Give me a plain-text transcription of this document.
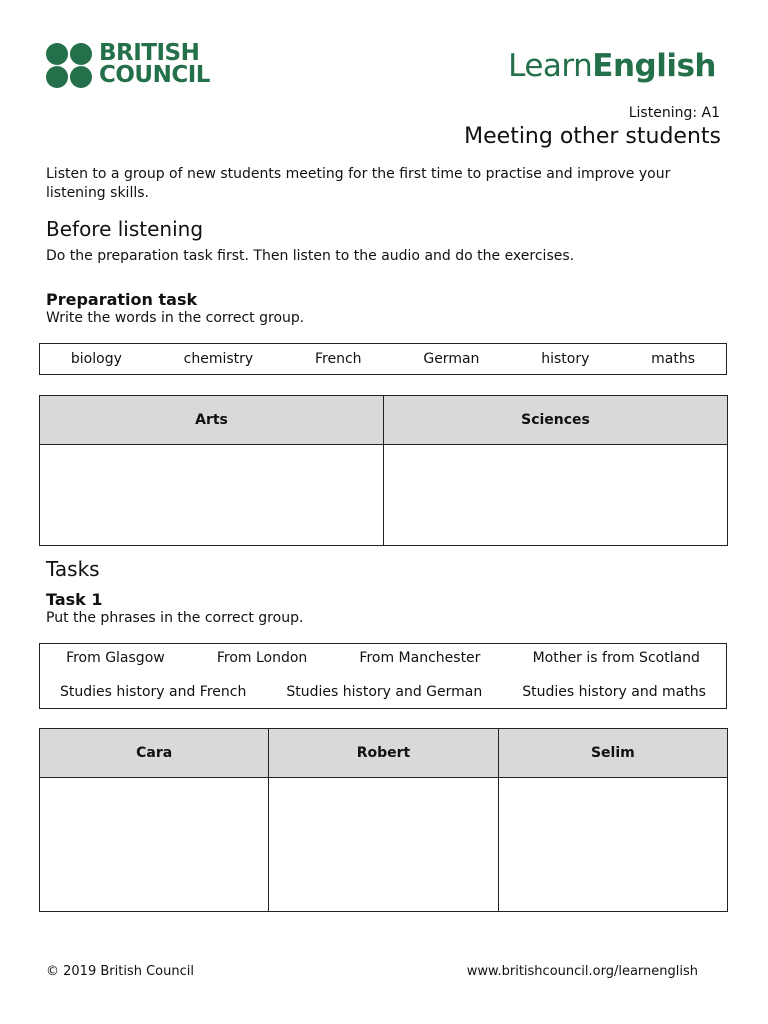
BRITISH
COUNCIL	LearnEnglish
Listening: A1
Meeting other students
Listen to a group of new students meeting for the first time to practise and improve your listening skills.
Before listening
Do the preparation task first. Then listen to the audio and do the exercises.
Preparation task
Write the words in the correct group.
biology	chemistry	French	German	history	maths
Arts	Sciences

Tasks
Task 1
Put the phrases in the correct group.
From Glasgow	From London	From Manchester	Mother is from Scotland
Studies history and French	Studies history and German	Studies history and maths
Cara	Robert	Selim

© 2019 British Council	www.britishcouncil.org/learnenglish
